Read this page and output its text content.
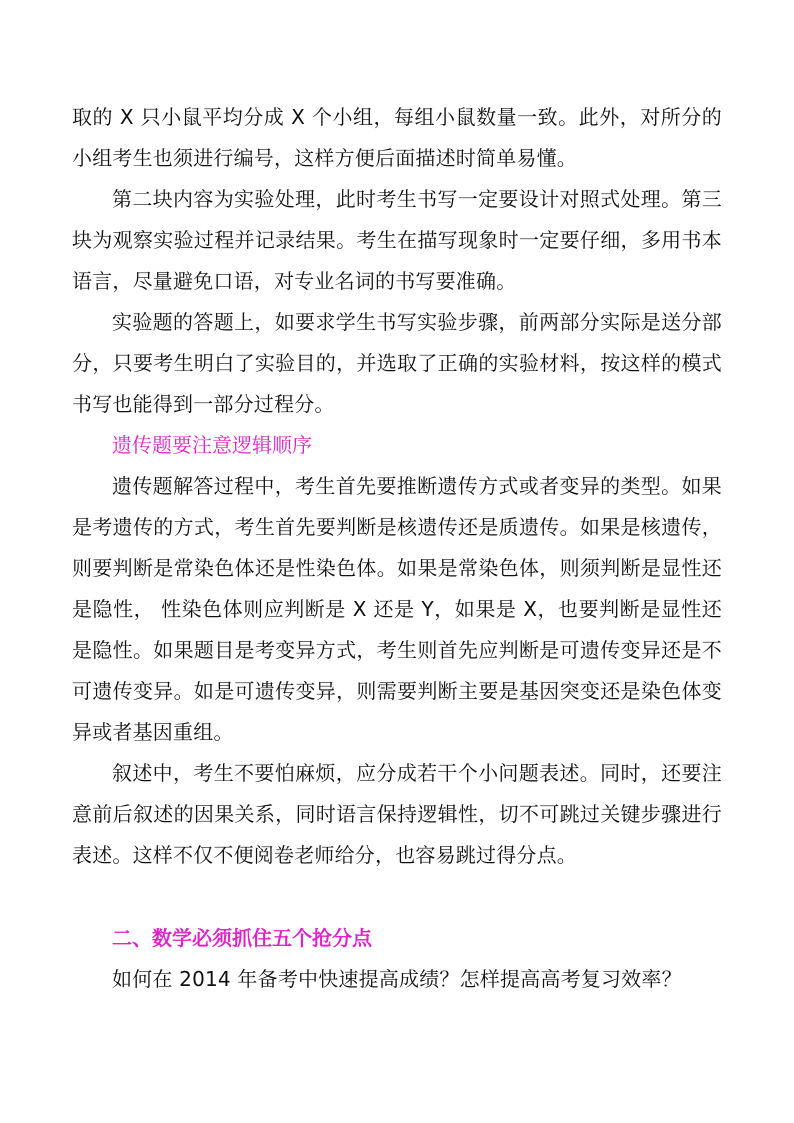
取的 X 只小鼠平均分成 X 个小组，每组小鼠数量一致。此外，对所分的小组考生也须进行编号，这样方便后面描述时简单易懂。

第二块内容为实验处理，此时考生书写一定要设计对照式处理。第三块为观察实验过程并记录结果。考生在描写现象时一定要仔细，多用书本语言，尽量避免口语，对专业名词的书写要准确。

实验题的答题上，如要求学生书写实验步骤，前两部分实际是送分部分，只要考生明白了实验目的，并选取了正确的实验材料，按这样的模式书写也能得到一部分过程分。

遗传题要注意逻辑顺序

遗传题解答过程中，考生首先要推断遗传方式或者变异的类型。如果是考遗传的方式，考生首先要判断是核遗传还是质遗传。如果是核遗传，则要判断是常染色体还是性染色体。如果是常染色体，则须判断是显性还是隐性， 性染色体则应判断是 X 还是 Y，如果是 X，也要判断是显性还是隐性。如果题目是考变异方式，考生则首先应判断是可遗传变异还是不可遗传变异。如是可遗传变异，则需要判断主要是基因突变还是染色体变异或者基因重组。

叙述中，考生不要怕麻烦，应分成若干个小问题表述。同时，还要注意前后叙述的因果关系，同时语言保持逻辑性，切不可跳过关键步骤进行表述。这样不仅不便阅卷老师给分，也容易跳过得分点。

二、数学必须抓住五个抢分点

如何在 2014 年备考中快速提高成绩？怎样提高高考复习效率？
